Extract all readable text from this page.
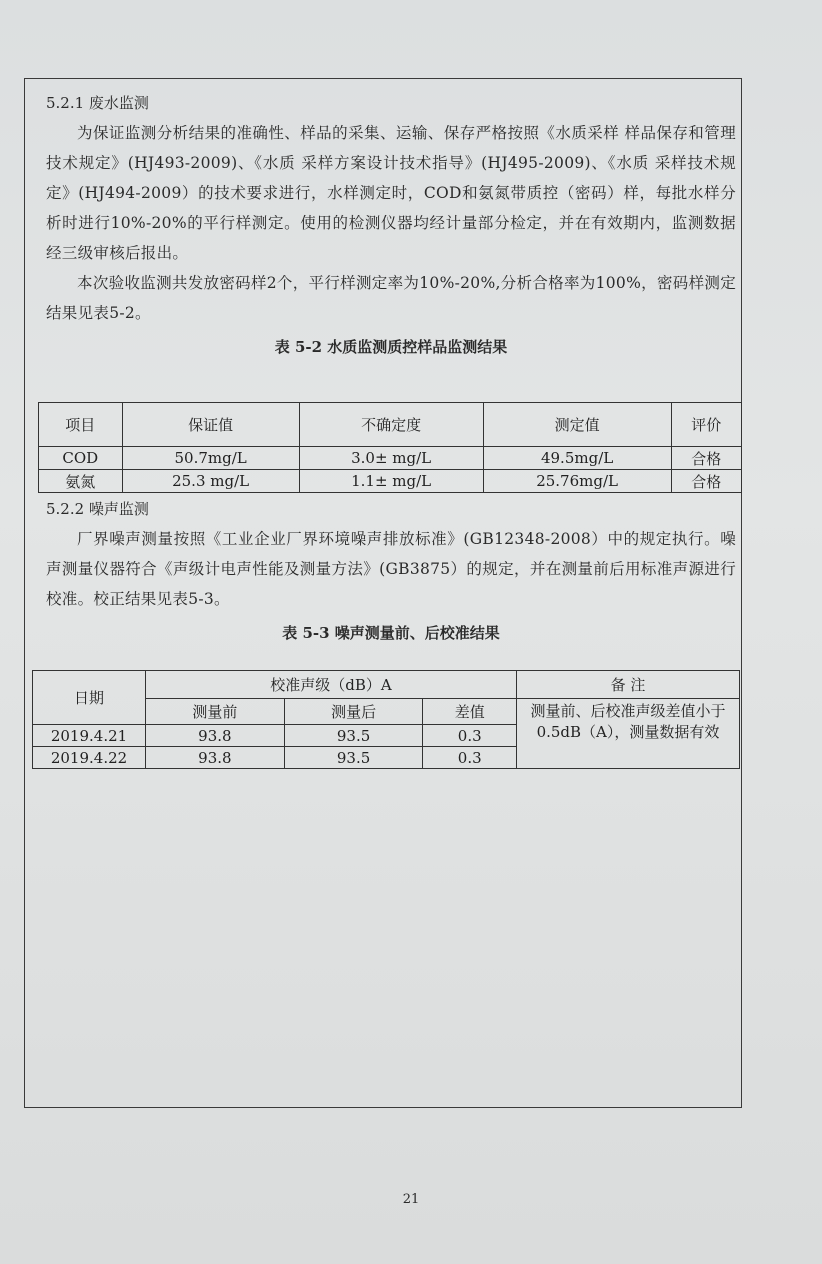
5.2.1 废水监测

为保证监测分析结果的准确性、样品的采集、运输、保存严格按照《水质采样 样品保存和管理技术规定》(HJ493-2009)、《水质 采样方案设计技术指导》(HJ495-2009)、《水质 采样技术规定》(HJ494-2009）的技术要求进行，水样测定时，COD和氨氮带质控（密码）样，每批水样分析时进行10%-20%的平行样测定。使用的检测仪器均经计量部分检定，并在有效期内，监测数据经三级审核后报出。

本次验收监测共发放密码样2个，平行样测定率为10%-20%,分析合格率为100%，密码样测定结果见表5-2。

表 5-2 水质监测质控样品监测结果

项目	保证值	不确定度	测定值	评价
COD	50.7mg/L	3.0± mg/L	49.5mg/L	合格
氨氮	25.3 mg/L	1.1± mg/L	25.76mg/L	合格

5.2.2 噪声监测

厂界噪声测量按照《工业企业厂界环境噪声排放标准》(GB12348-2008）中的规定执行。噪声测量仪器符合《声级计电声性能及测量方法》(GB3875）的规定，并在测量前后用标准声源进行校准。校正结果见表5-3。

表 5-3 噪声测量前、后校准结果

日期	校准声级（dB）A			备 注
	测量前	测量后	差值	测量前、后校准声级差值小于0.5dB（A），测量数据有效
2019.4.21	93.8	93.5	0.3	
2019.4.22	93.8	93.5	0.3	
21
